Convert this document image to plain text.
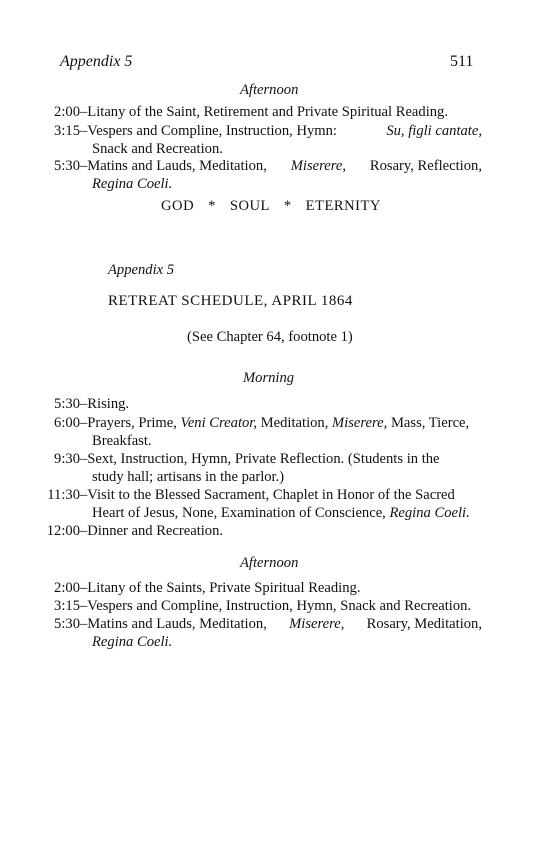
Appendix 5	511
Afternoon
2:00–Litany of the Saint, Retirement and Private Spiritual Reading.
3:15–Vespers and Compline, Instruction, Hymn:	Su, figli cantate,
Snack and Recreation.
5:30–Matins and Lauds, Meditation, Miserere, Rosary, Reflection,
Regina Coeli.
GOD * SOUL * ETERNITY
Appendix 5
RETREAT SCHEDULE, APRIL 1864
(See Chapter 64, footnote 1)
Morning
5:30–Rising.
6:00–Prayers, Prime, Veni Creator, Meditation, Miserere, Mass, Tierce,
Breakfast.
9:30–Sext, Instruction, Hymn, Private Reflection. (Students in the
study hall; artisans in the parlor.)
11:30–Visit to the Blessed Sacrament, Chaplet in Honor of the Sacred
Heart of Jesus, None, Examination of Conscience, Regina Coeli.
12:00–Dinner and Recreation.
Afternoon
2:00–Litany of the Saints, Private Spiritual Reading.
3:15–Vespers and Compline, Instruction, Hymn, Snack and Recreation.
5:30–Matins and Lauds, Meditation, Miserere, Rosary, Meditation,
Regina Coeli.
